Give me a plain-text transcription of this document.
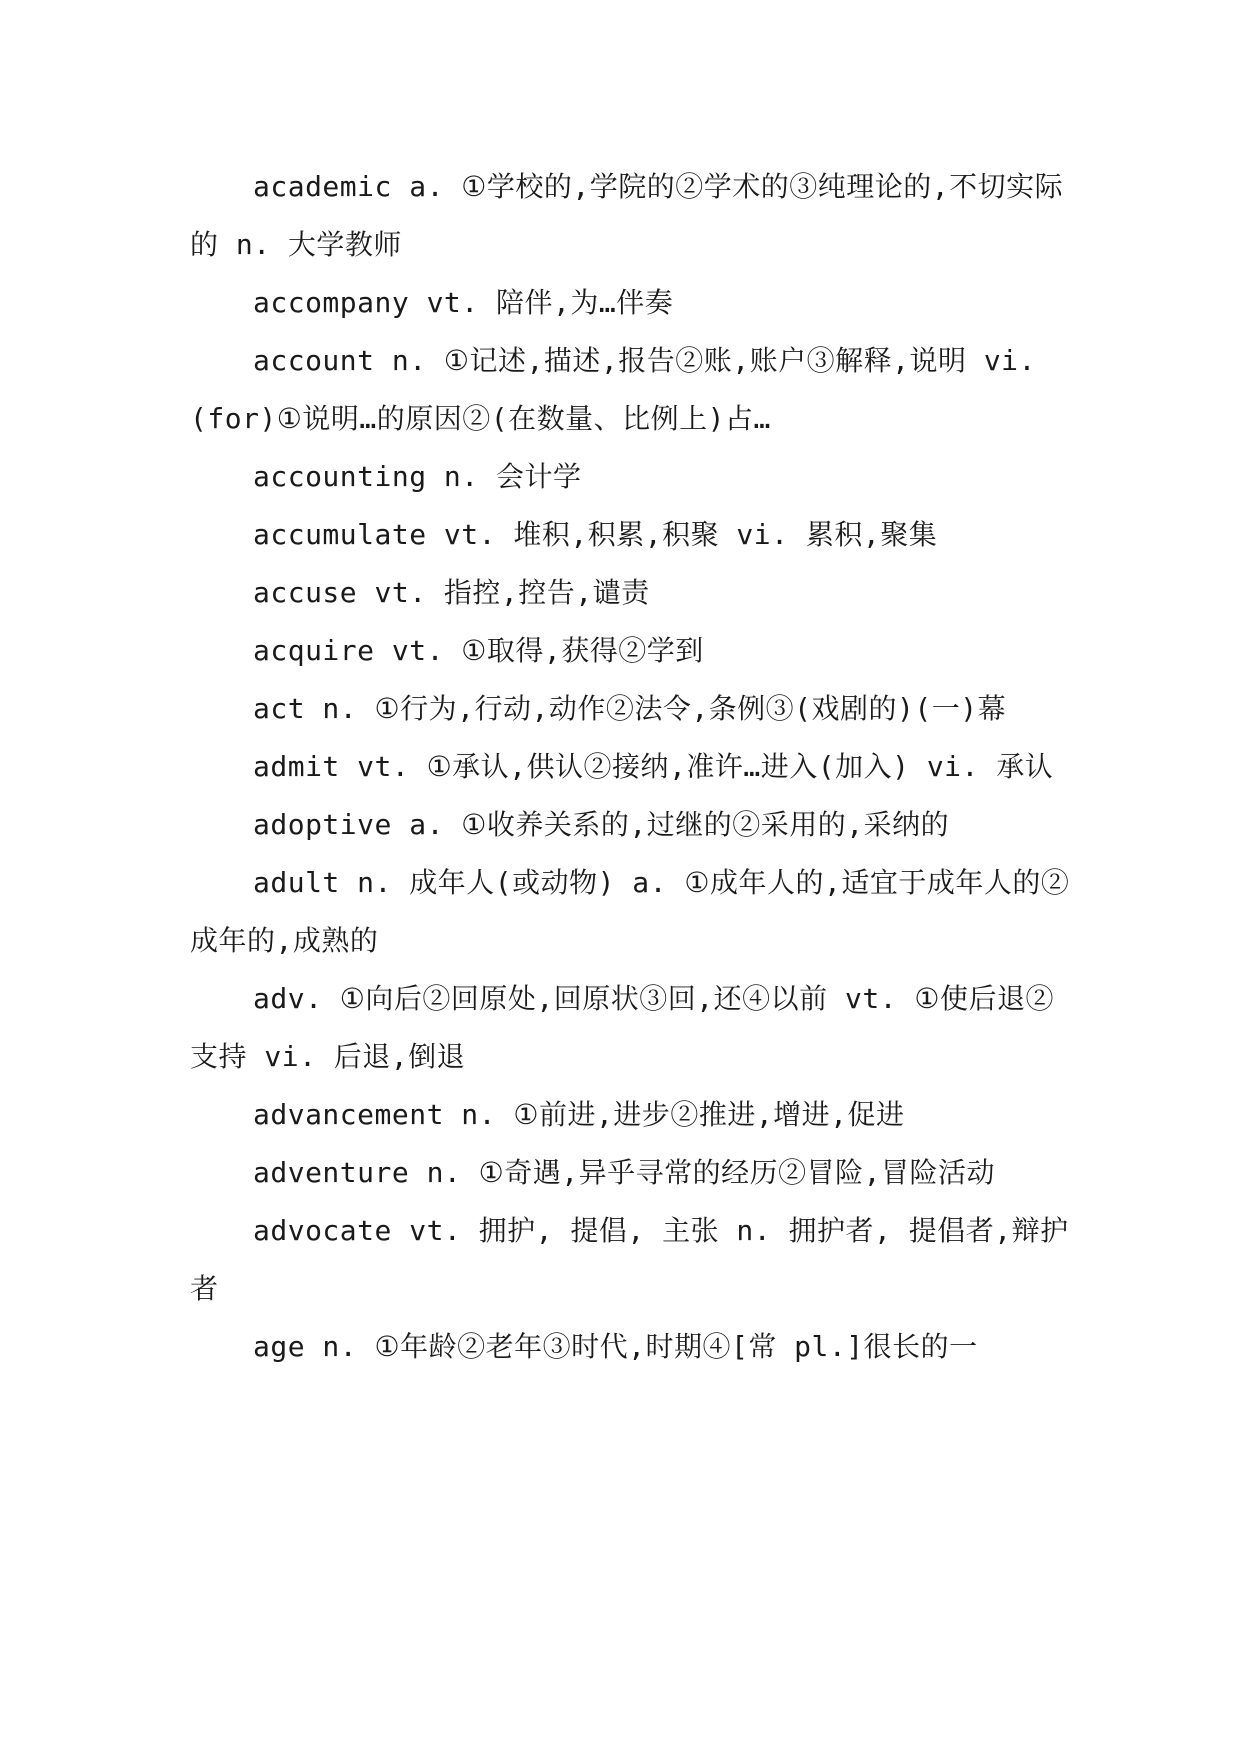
academic a. ①学校的,学院的②学术的③纯理论的,不切实际的 n. 大学教师

accompany vt. 陪伴,为…伴奏

account n. ①记述,描述,报告②账,账户③解释,说明 vi. (for)①说明…的原因②(在数量、比例上)占…

accounting n. 会计学

accumulate vt. 堆积,积累,积聚 vi. 累积,聚集

accuse vt. 指控,控告,谴责

acquire vt. ①取得,获得②学到

act n. ①行为,行动,动作②法令,条例③(戏剧的)(一)幕

admit vt. ①承认,供认②接纳,准许…进入(加入) vi. 承认

adoptive a. ①收养关系的,过继的②采用的,采纳的

adult n. 成年人(或动物) a. ①成年人的,适宜于成年人的②成年的,成熟的

adv. ①向后②回原处,回原状③回,还④以前 vt. ①使后退②支持 vi. 后退,倒退

advancement n. ①前进,进步②推进,增进,促进

adventure n. ①奇遇,异乎寻常的经历②冒险,冒险活动

advocate vt. 拥护, 提倡, 主张 n. 拥护者, 提倡者,辩护者

age n. ①年龄②老年③时代,时期④[常 pl.]很长的一
